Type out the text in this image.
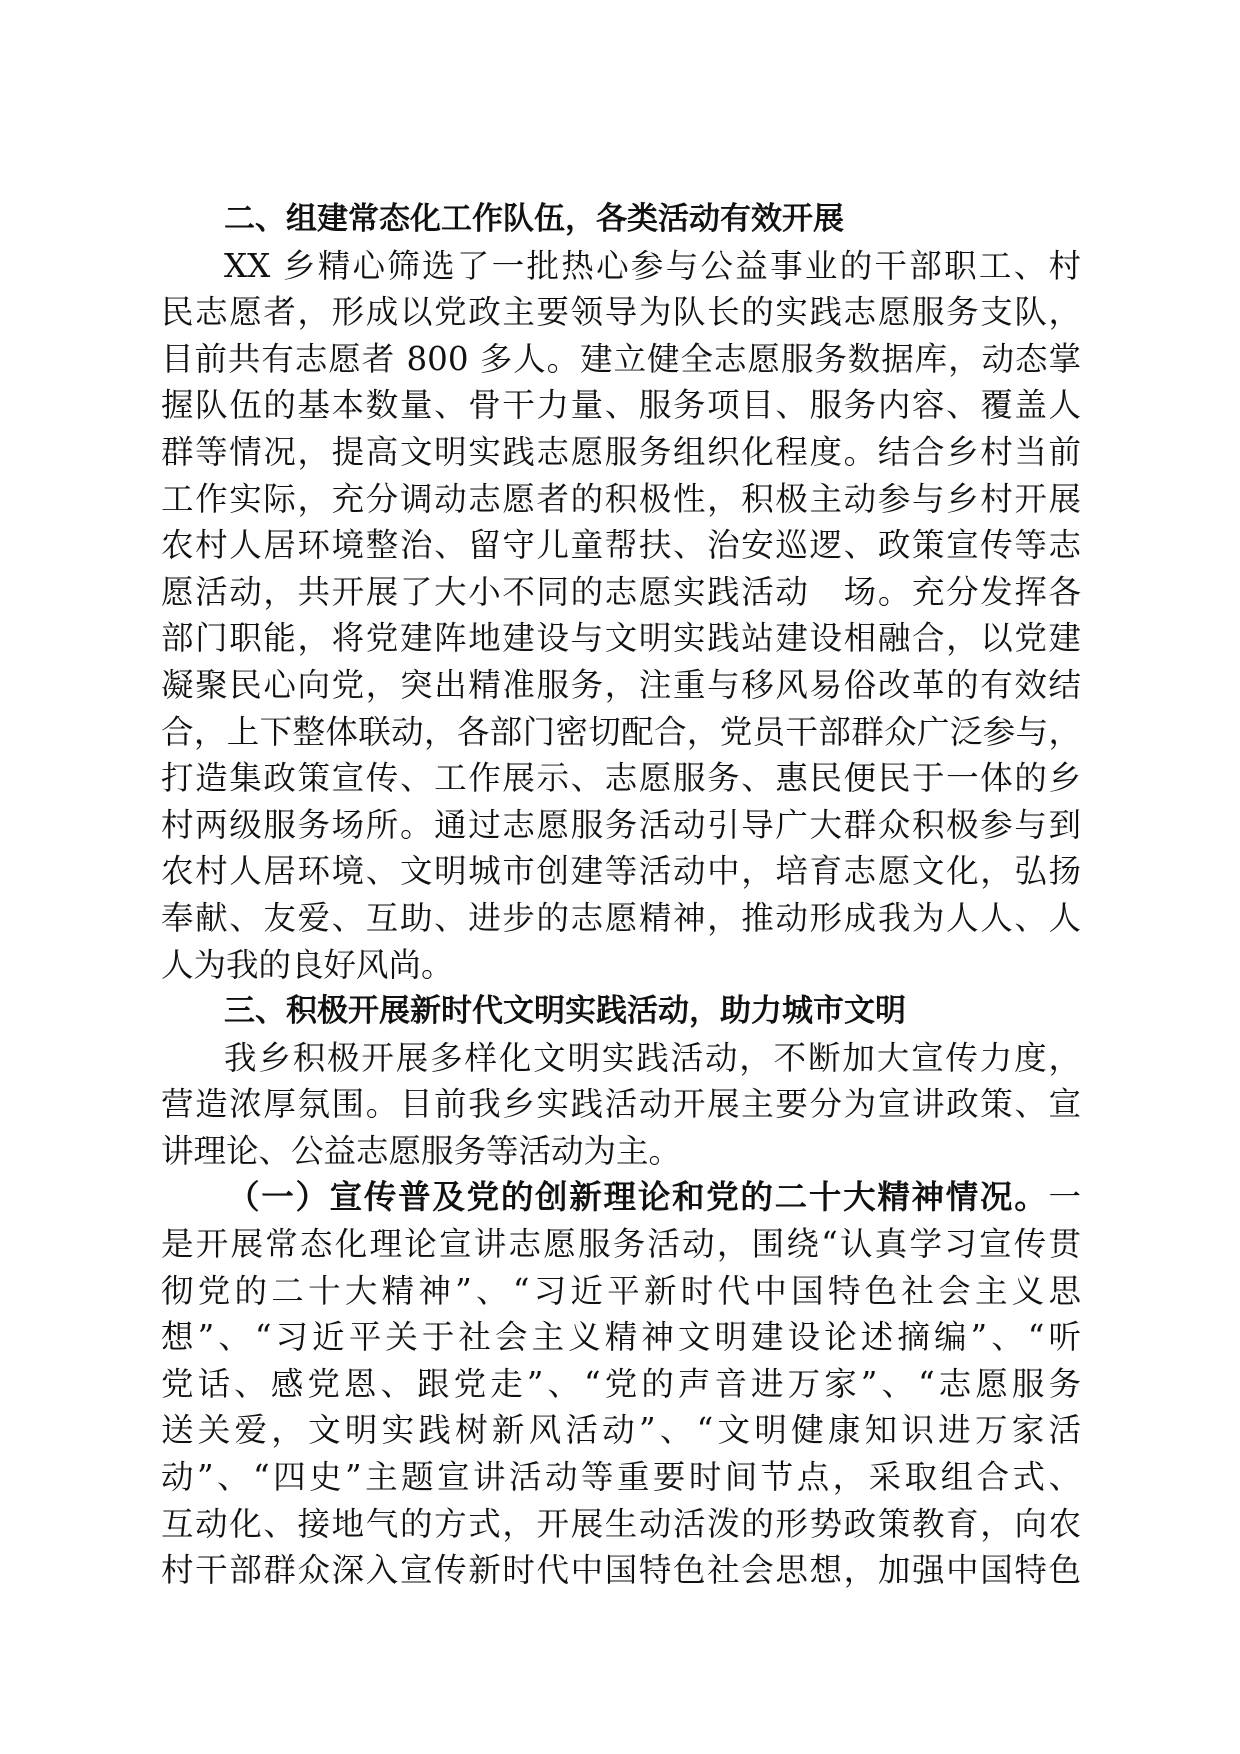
二、组建常态化工作队伍，各类活动有效开展
XX 乡精心筛选了一批热心参与公益事业的干部职工、村
民志愿者，形成以党政主要领导为队长的实践志愿服务支队，
目前共有志愿者 800 多人。建立健全志愿服务数据库，动态掌
握队伍的基本数量、骨干力量、服务项目、服务内容、覆盖人
群等情况，提高文明实践志愿服务组织化程度。结合乡村当前
工作实际，充分调动志愿者的积极性，积极主动参与乡村开展
农村人居环境整治、留守儿童帮扶、治安巡逻、政策宣传等志
愿活动，共开展了大小不同的志愿实践活动　场。充分发挥各
部门职能，将党建阵地建设与文明实践站建设相融合，以党建
凝聚民心向党，突出精准服务，注重与移风易俗改革的有效结
合，上下整体联动，各部门密切配合，党员干部群众广泛参与，
打造集政策宣传、工作展示、志愿服务、惠民便民于一体的乡
村两级服务场所。通过志愿服务活动引导广大群众积极参与到
农村人居环境、文明城市创建等活动中，培育志愿文化，弘扬
奉献、友爱、互助、进步的志愿精神，推动形成我为人人、人
人为我的良好风尚。
三、积极开展新时代文明实践活动，助力城市文明
我乡积极开展多样化文明实践活动，不断加大宣传力度，
营造浓厚氛围。目前我乡实践活动开展主要分为宣讲政策、宣
讲理论、公益志愿服务等活动为主。
（一）宣传普及党的创新理论和党的二十大精神情况。一
是开展常态化理论宣讲志愿服务活动，围绕“认真学习宣传贯
彻党的二十大精神”、“习近平新时代中国特色社会主义思
想”、“习近平关于社会主义精神文明建设论述摘编”、“听
党话、感党恩、跟党走”、“党的声音进万家”、“志愿服务
送关爱，文明实践树新风活动”、“文明健康知识进万家活
动”、“四史”主题宣讲活动等重要时间节点，采取组合式、
互动化、接地气的方式，开展生动活泼的形势政策教育，向农
村干部群众深入宣传新时代中国特色社会思想，加强中国特色
